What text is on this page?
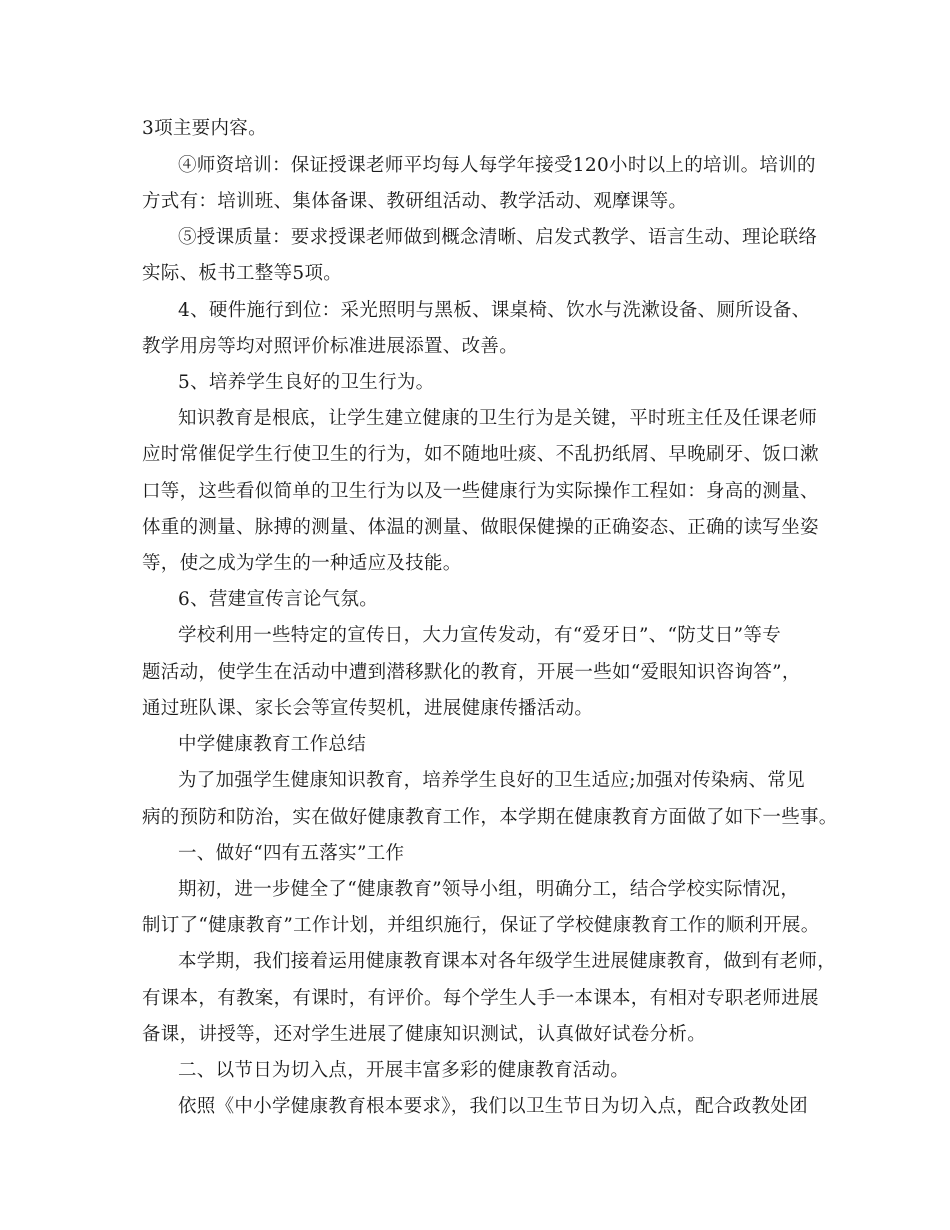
3项主要内容。
④师资培训：保证授课老师平均每人每学年接受120小时以上的培训。培训的
方式有：培训班、集体备课、教研组活动、教学活动、观摩课等。
⑤授课质量：要求授课老师做到概念清晰、启发式教学、语言生动、理论联络
实际、板书工整等5项。
4、硬件施行到位：采光照明与黑板、课桌椅、饮水与洗漱设备、厕所设备、
教学用房等均对照评价标准进展添置、改善。
5、培养学生良好的卫生行为。
知识教育是根底，让学生建立健康的卫生行为是关键，平时班主任及任课老师
应时常催促学生行使卫生的行为，如不随地吐痰、不乱扔纸屑、早晚刷牙、饭口漱
口等，这些看似简单的卫生行为以及一些健康行为实际操作工程如：身高的测量、
体重的测量、脉搏的测量、体温的测量、做眼保健操的正确姿态、正确的读写坐姿
等，使之成为学生的一种适应及技能。
6、营建宣传言论气氛。
学校利用一些特定的宣传日，大力宣传发动，有“爱牙日”、“防艾日”等专
题活动，使学生在活动中遭到潜移默化的教育，开展一些如“爱眼知识咨询答”，
通过班队课、家长会等宣传契机，进展健康传播活动。
中学健康教育工作总结
为了加强学生健康知识教育，培养学生良好的卫生适应;加强对传染病、常见
病的预防和防治，实在做好健康教育工作，本学期在健康教育方面做了如下一些事。
一、做好“四有五落实”工作
期初，进一步健全了“健康教育”领导小组，明确分工，结合学校实际情况，
制订了“健康教育”工作计划，并组织施行，保证了学校健康教育工作的顺利开展。
本学期，我们接着运用健康教育课本对各年级学生进展健康教育，做到有老师，
有课本，有教案，有课时，有评价。每个学生人手一本课本，有相对专职老师进展
备课，讲授等，还对学生进展了健康知识测试，认真做好试卷分析。
二、以节日为切入点，开展丰富多彩的健康教育活动。
依照《中小学健康教育根本要求》，我们以卫生节日为切入点，配合政教处团
